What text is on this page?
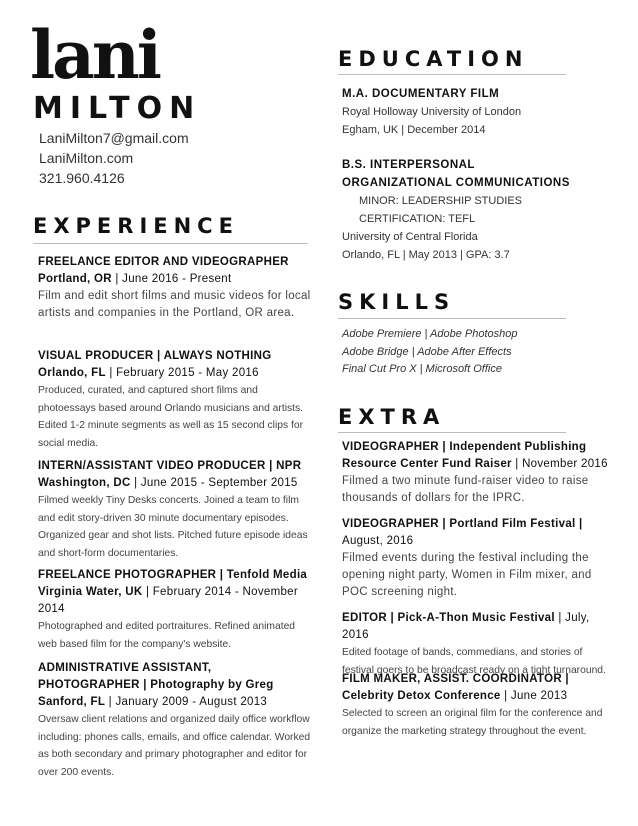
lani
MILTON
LaniMilton7@gmail.com
LaniMilton.com
321.960.4126
EXPERIENCE
FREELANCE EDITOR AND VIDEOGRAPHER
Portland, OR | June 2016 - Present
Film and edit short films and music videos for local artists and companies in the Portland, OR area.
VISUAL PRODUCER | ALWAYS NOTHING
Orlando, FL | February 2015 - May 2016
Produced, curated, and captured short films and photoessays based around Orlando musicians and artists. Edited 1-2 minute segments as well as 15 second clips for social media.
INTERN/ASSISTANT VIDEO PRODUCER | NPR
Washington, DC | June 2015 - September 2015
Filmed weekly Tiny Desks concerts. Joined a team to film and edit story-driven 30 minute documentary episodes. Organized gear and shot lists. Pitched future episode ideas and short-form documentaries.
FREELANCE PHOTOGRAPHER | Tenfold Media
Virginia Water, UK | February 2014 - November 2014
Photographed and edited portraitures. Refined animated web based film for the company's website.
ADMINISTRATIVE ASSISTANT, PHOTOGRAPHER | Photography by Greg
Sanford, FL | January 2009 - August 2013
Oversaw client relations and organized daily office workflow including: phones calls, emails, and office calendar. Worked as both secondary and primary photographer and editor for over 200 events.
EDUCATION
M.A. DOCUMENTARY FILM
Royal Holloway University of London
Egham, UK | December 2014
B.S. INTERPERSONAL
ORGANIZATIONAL COMMUNICATIONS
MINOR: LEADERSHIP STUDIES
CERTIFICATION: TEFL
University of Central Florida
Orlando, FL | May 2013 | GPA: 3.7
SKILLS
Adobe Premiere | Adobe Photoshop
Adobe Bridge | Adobe After Effects
Final Cut Pro X | Microsoft Office
EXTRA
VIDEOGRAPHER | Independent Publishing Resource Center Fund Raiser | November 2016
Filmed a two minute fund-raiser video to raise thousands of dollars for the IPRC.
VIDEOGRAPHER | Portland Film Festival | August, 2016
Filmed events during the festival including the opening night party, Women in Film mixer, and POC screening night.
EDITOR | Pick-A-Thon Music Festival | July, 2016
Edited footage of bands, commedians, and stories of festival goers to be broadcast ready on a tight turnaround.
FILM MAKER, ASSIST. COORDINATOR | Celebrity Detox Conference | June 2013
Selected to screen an original film for the conference and organize the marketing strategy throughout the event.
